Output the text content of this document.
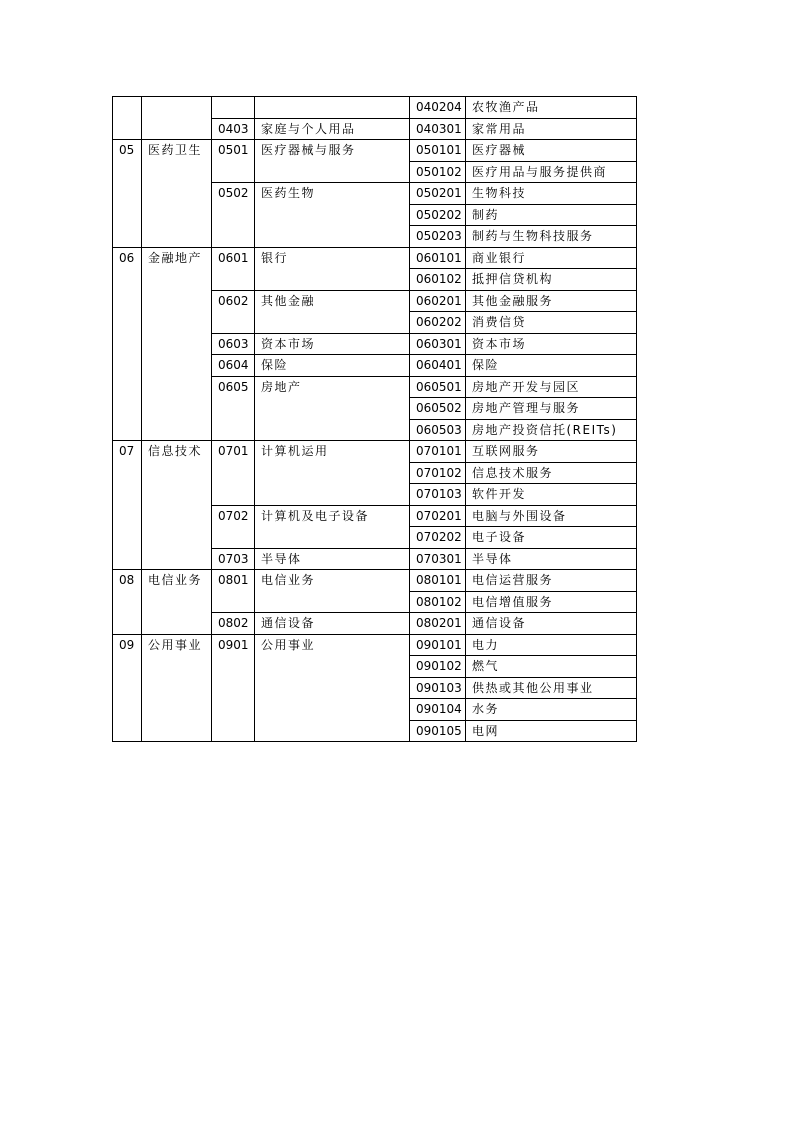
				040204	农牧渔产品
		0403	家庭与个人用品	040301	家常用品
05	医药卫生	0501	医疗器械与服务	050101	医疗器械
				050102	医疗用品与服务提供商
		0502	医药生物	050201	生物科技
				050202	制药
				050203	制药与生物科技服务
06	金融地产	0601	银行	060101	商业银行
				060102	抵押信贷机构
		0602	其他金融	060201	其他金融服务
				060202	消费信贷
		0603	资本市场	060301	资本市场
		0604	保险	060401	保险
		0605	房地产	060501	房地产开发与园区
				060502	房地产管理与服务
				060503	房地产投资信托(REITs)
07	信息技术	0701	计算机运用	070101	互联网服务
				070102	信息技术服务
				070103	软件开发
		0702	计算机及电子设备	070201	电脑与外围设备
				070202	电子设备
		0703	半导体	070301	半导体
08	电信业务	0801	电信业务	080101	电信运营服务
				080102	电信增值服务
		0802	通信设备	080201	通信设备
09	公用事业	0901	公用事业	090101	电力
				090102	燃气
				090103	供热或其他公用事业
				090104	水务
				090105	电网
